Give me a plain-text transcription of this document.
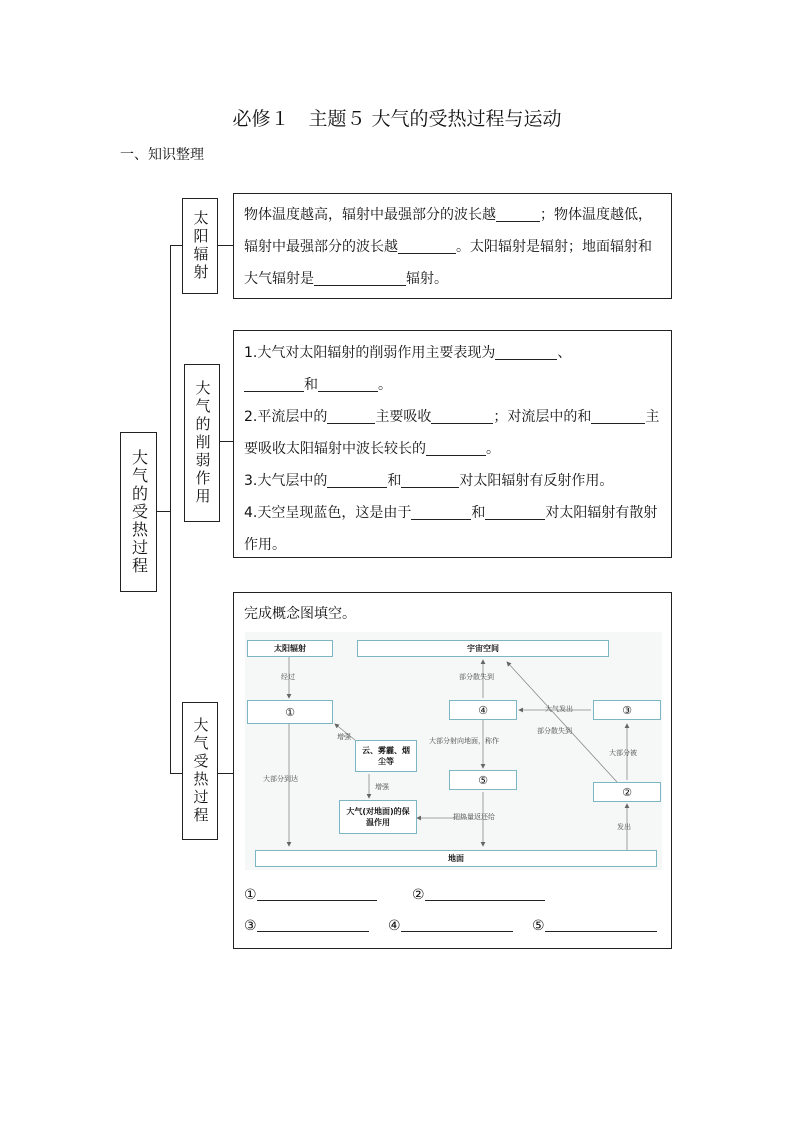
必修１　主题５ 大气的受热过程与运动
一、知识整理
大气的受热过程
太阳辐射
大气的削弱作用
大气受热过程
物体温度越高，辐射中最强部分的波长越	；物体温度越低，辐射中最强部分的波长越	。太阳辐射是辐射；地面辐射和大气辐射是	辐射。
1.大气对太阳辐射的削弱作用主要表现为	、
和	。
2.平流层中的	主要吸收	；对流层中的和	主要吸收太阳辐射中波长较长的	。
3.大气层中的	和	对太阳辐射有反射作用。
4.天空呈现蓝色，这是由于	和	对太阳辐射有散射作用。
完成概念图填空。
太阳辐射	宇宙空间
①
云、雾霾、烟尘等
大气(对地面)的保温作用
④
⑤
③
②
地面
经过
大部分到达
增强
增强
部分散失到
大部分射向地面，称作
大气发出
部分散失到
大部分被
发出
把热量返还给
①	②
③	④	⑤
